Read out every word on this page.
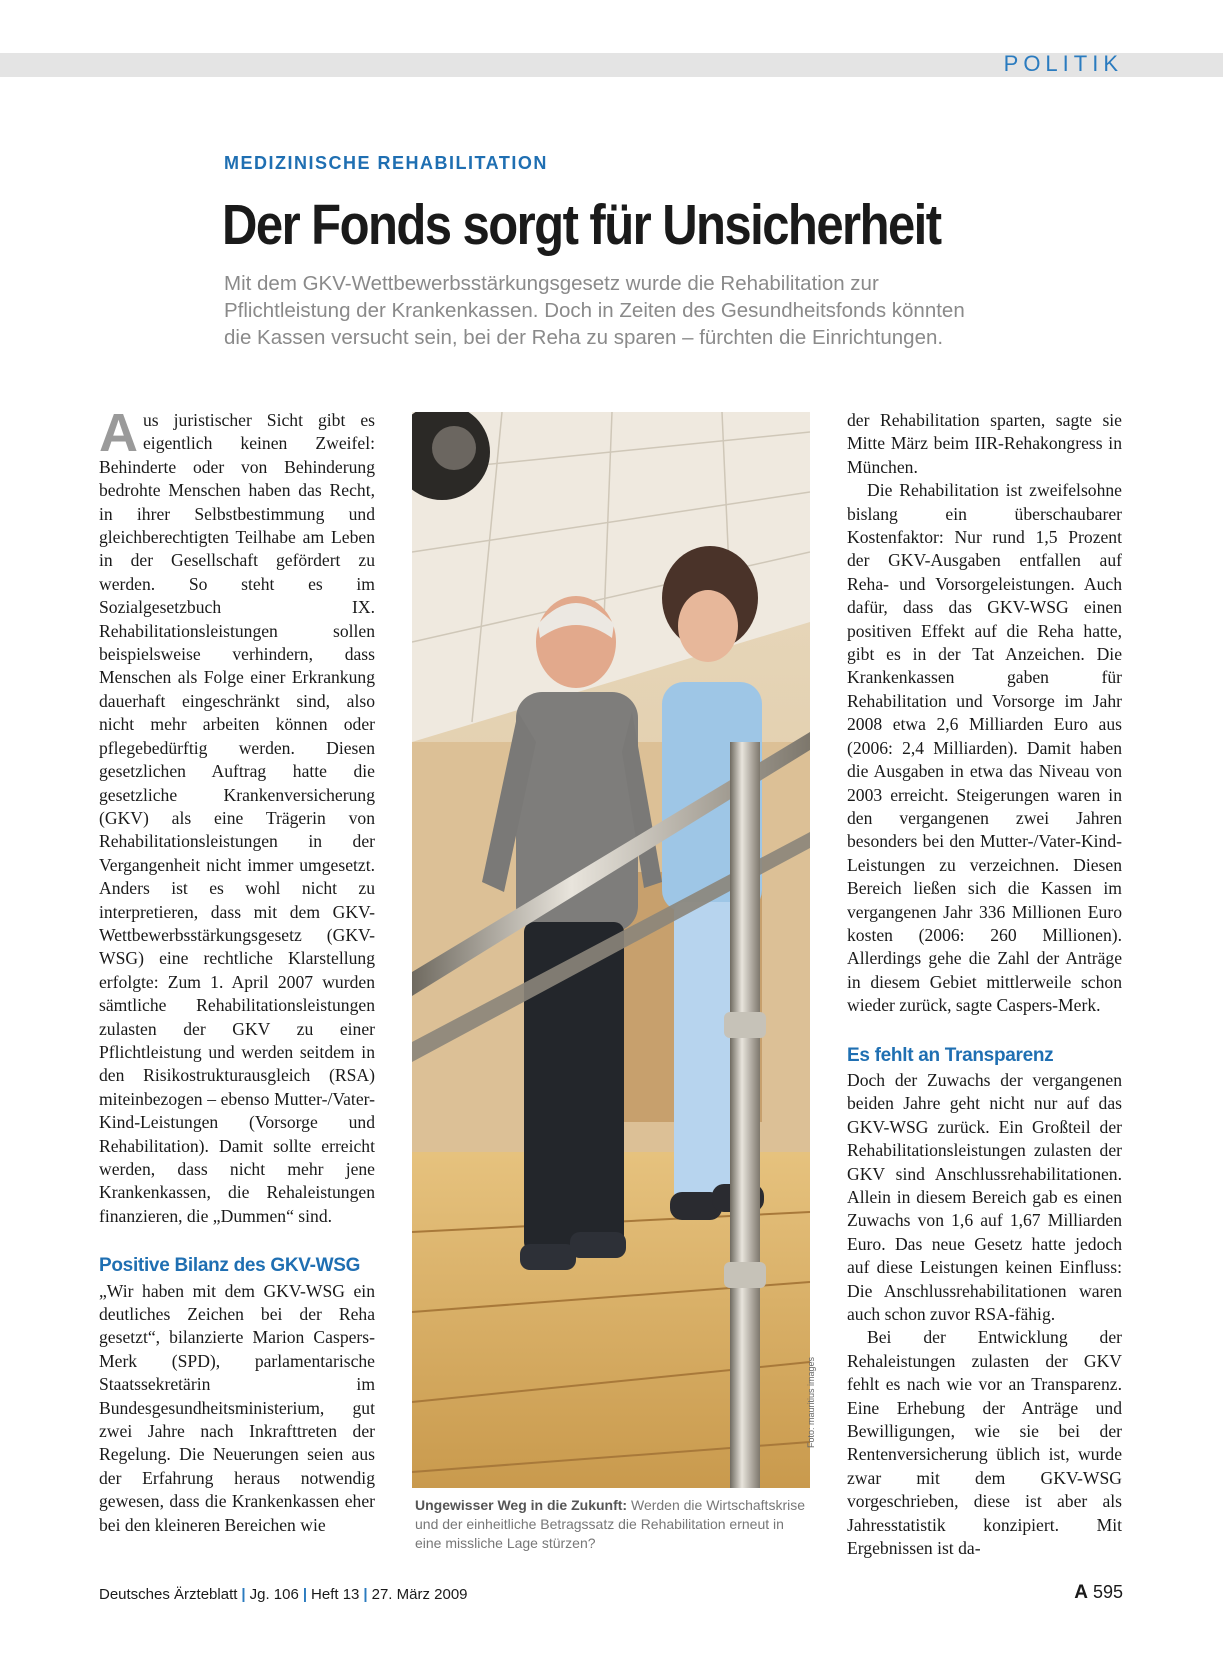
POLITIK
MEDIZINISCHE REHABILITATION
Der Fonds sorgt für Unsicherheit
Mit dem GKV-Wettbewerbsstärkungsgesetz wurde die Rehabilitation zur
Pflichtleistung der Krankenkassen. Doch in Zeiten des Gesundheitsfonds könnten
die Kassen versucht sein, bei der Reha zu sparen – fürchten die Einrichtungen.

Aus juristischer Sicht gibt es eigentlich keinen Zweifel: Behinderte oder von Behinderung bedrohte Menschen haben das Recht, in ihrer Selbstbestimmung und gleichberechtigten Teilhabe am Leben in der Gesellschaft gefördert zu werden. So steht es im Sozialgesetzbuch IX. Rehabilitationsleistungen sollen beispielsweise verhindern, dass Menschen als Folge einer Erkrankung dauerhaft eingeschränkt sind, also nicht mehr arbeiten können oder pflegebedürftig werden. Diesen gesetzlichen Auftrag hatte die gesetzliche Krankenversicherung (GKV) als eine Trägerin von Rehabilitationsleistungen in der Vergangenheit nicht immer umgesetzt. Anders ist es wohl nicht zu interpretieren, dass mit dem GKV-Wettbewerbsstärkungsgesetz (GKV-WSG) eine rechtliche Klarstellung erfolgte: Zum 1. April 2007 wurden sämtliche Rehabilitationsleistungen zulasten der GKV zu einer Pflichtleistung und werden seitdem in den Risikostrukturausgleich (RSA) miteinbezogen – ebenso Mutter-/Vater-Kind-Leistungen (Vorsorge und Rehabilitation). Damit sollte erreicht werden, dass nicht mehr jene Krankenkassen, die Rehaleistungen finanzieren, die „Dummen“ sind.

Positive Bilanz des GKV-WSG

„Wir haben mit dem GKV-WSG ein deutliches Zeichen bei der Reha gesetzt“, bilanzierte Marion Caspers-Merk (SPD), parlamentarische Staatssekretärin im Bundesgesundheitsministerium, gut zwei Jahre nach Inkrafttreten der Regelung. Die Neuerungen seien aus der Erfahrung heraus notwendig gewesen, dass die Krankenkassen eher bei den kleineren Bereichen wie

Foto: mauritius images
Ungewisser Weg in die Zukunft: Werden die Wirtschaftskrise und der einheitliche Betragssatz die Rehabilitation erneut in eine missliche Lage stürzen?

der Rehabilitation sparten, sagte sie Mitte März beim IIR-Rehakongress in München.

Die Rehabilitation ist zweifelsohne bislang ein überschaubarer Kostenfaktor: Nur rund 1,5 Prozent der GKV-Ausgaben entfallen auf Reha- und Vorsorgeleistungen. Auch dafür, dass das GKV-WSG einen positiven Effekt auf die Reha hatte, gibt es in der Tat Anzeichen. Die Krankenkassen gaben für Rehabilitation und Vorsorge im Jahr 2008 etwa 2,6 Milliarden Euro aus (2006: 2,4 Milliarden). Damit haben die Ausgaben in etwa das Niveau von 2003 erreicht. Steigerungen waren in den vergangenen zwei Jahren besonders bei den Mutter-/Vater-Kind-Leistungen zu verzeichnen. Diesen Bereich ließen sich die Kassen im vergangenen Jahr 336 Millionen Euro kosten (2006: 260 Millionen). Allerdings gehe die Zahl der Anträge in diesem Gebiet mittlerweile schon wieder zurück, sagte Caspers-Merk.

Es fehlt an Transparenz

Doch der Zuwachs der vergangenen beiden Jahre geht nicht nur auf das GKV-WSG zurück. Ein Großteil der Rehabilitationsleistungen zulasten der GKV sind Anschlussrehabilitationen. Allein in diesem Bereich gab es einen Zuwachs von 1,6 auf 1,67 Milliarden Euro. Das neue Gesetz hatte jedoch auf diese Leistungen keinen Einfluss: Die Anschlussrehabilitationen waren auch schon zuvor RSA-fähig.

Bei der Entwicklung der Rehaleistungen zulasten der GKV fehlt es nach wie vor an Transparenz. Eine Erhebung der Anträge und Bewilligungen, wie sie bei der Rentenversicherung üblich ist, wurde zwar mit dem GKV-WSG vorgeschrieben, diese ist aber als Jahresstatistik konzipiert. Mit Ergebnissen ist da-

Deutsches Ärzteblatt | Jg. 106 | Heft 13 | 27. März 2009	A 595
